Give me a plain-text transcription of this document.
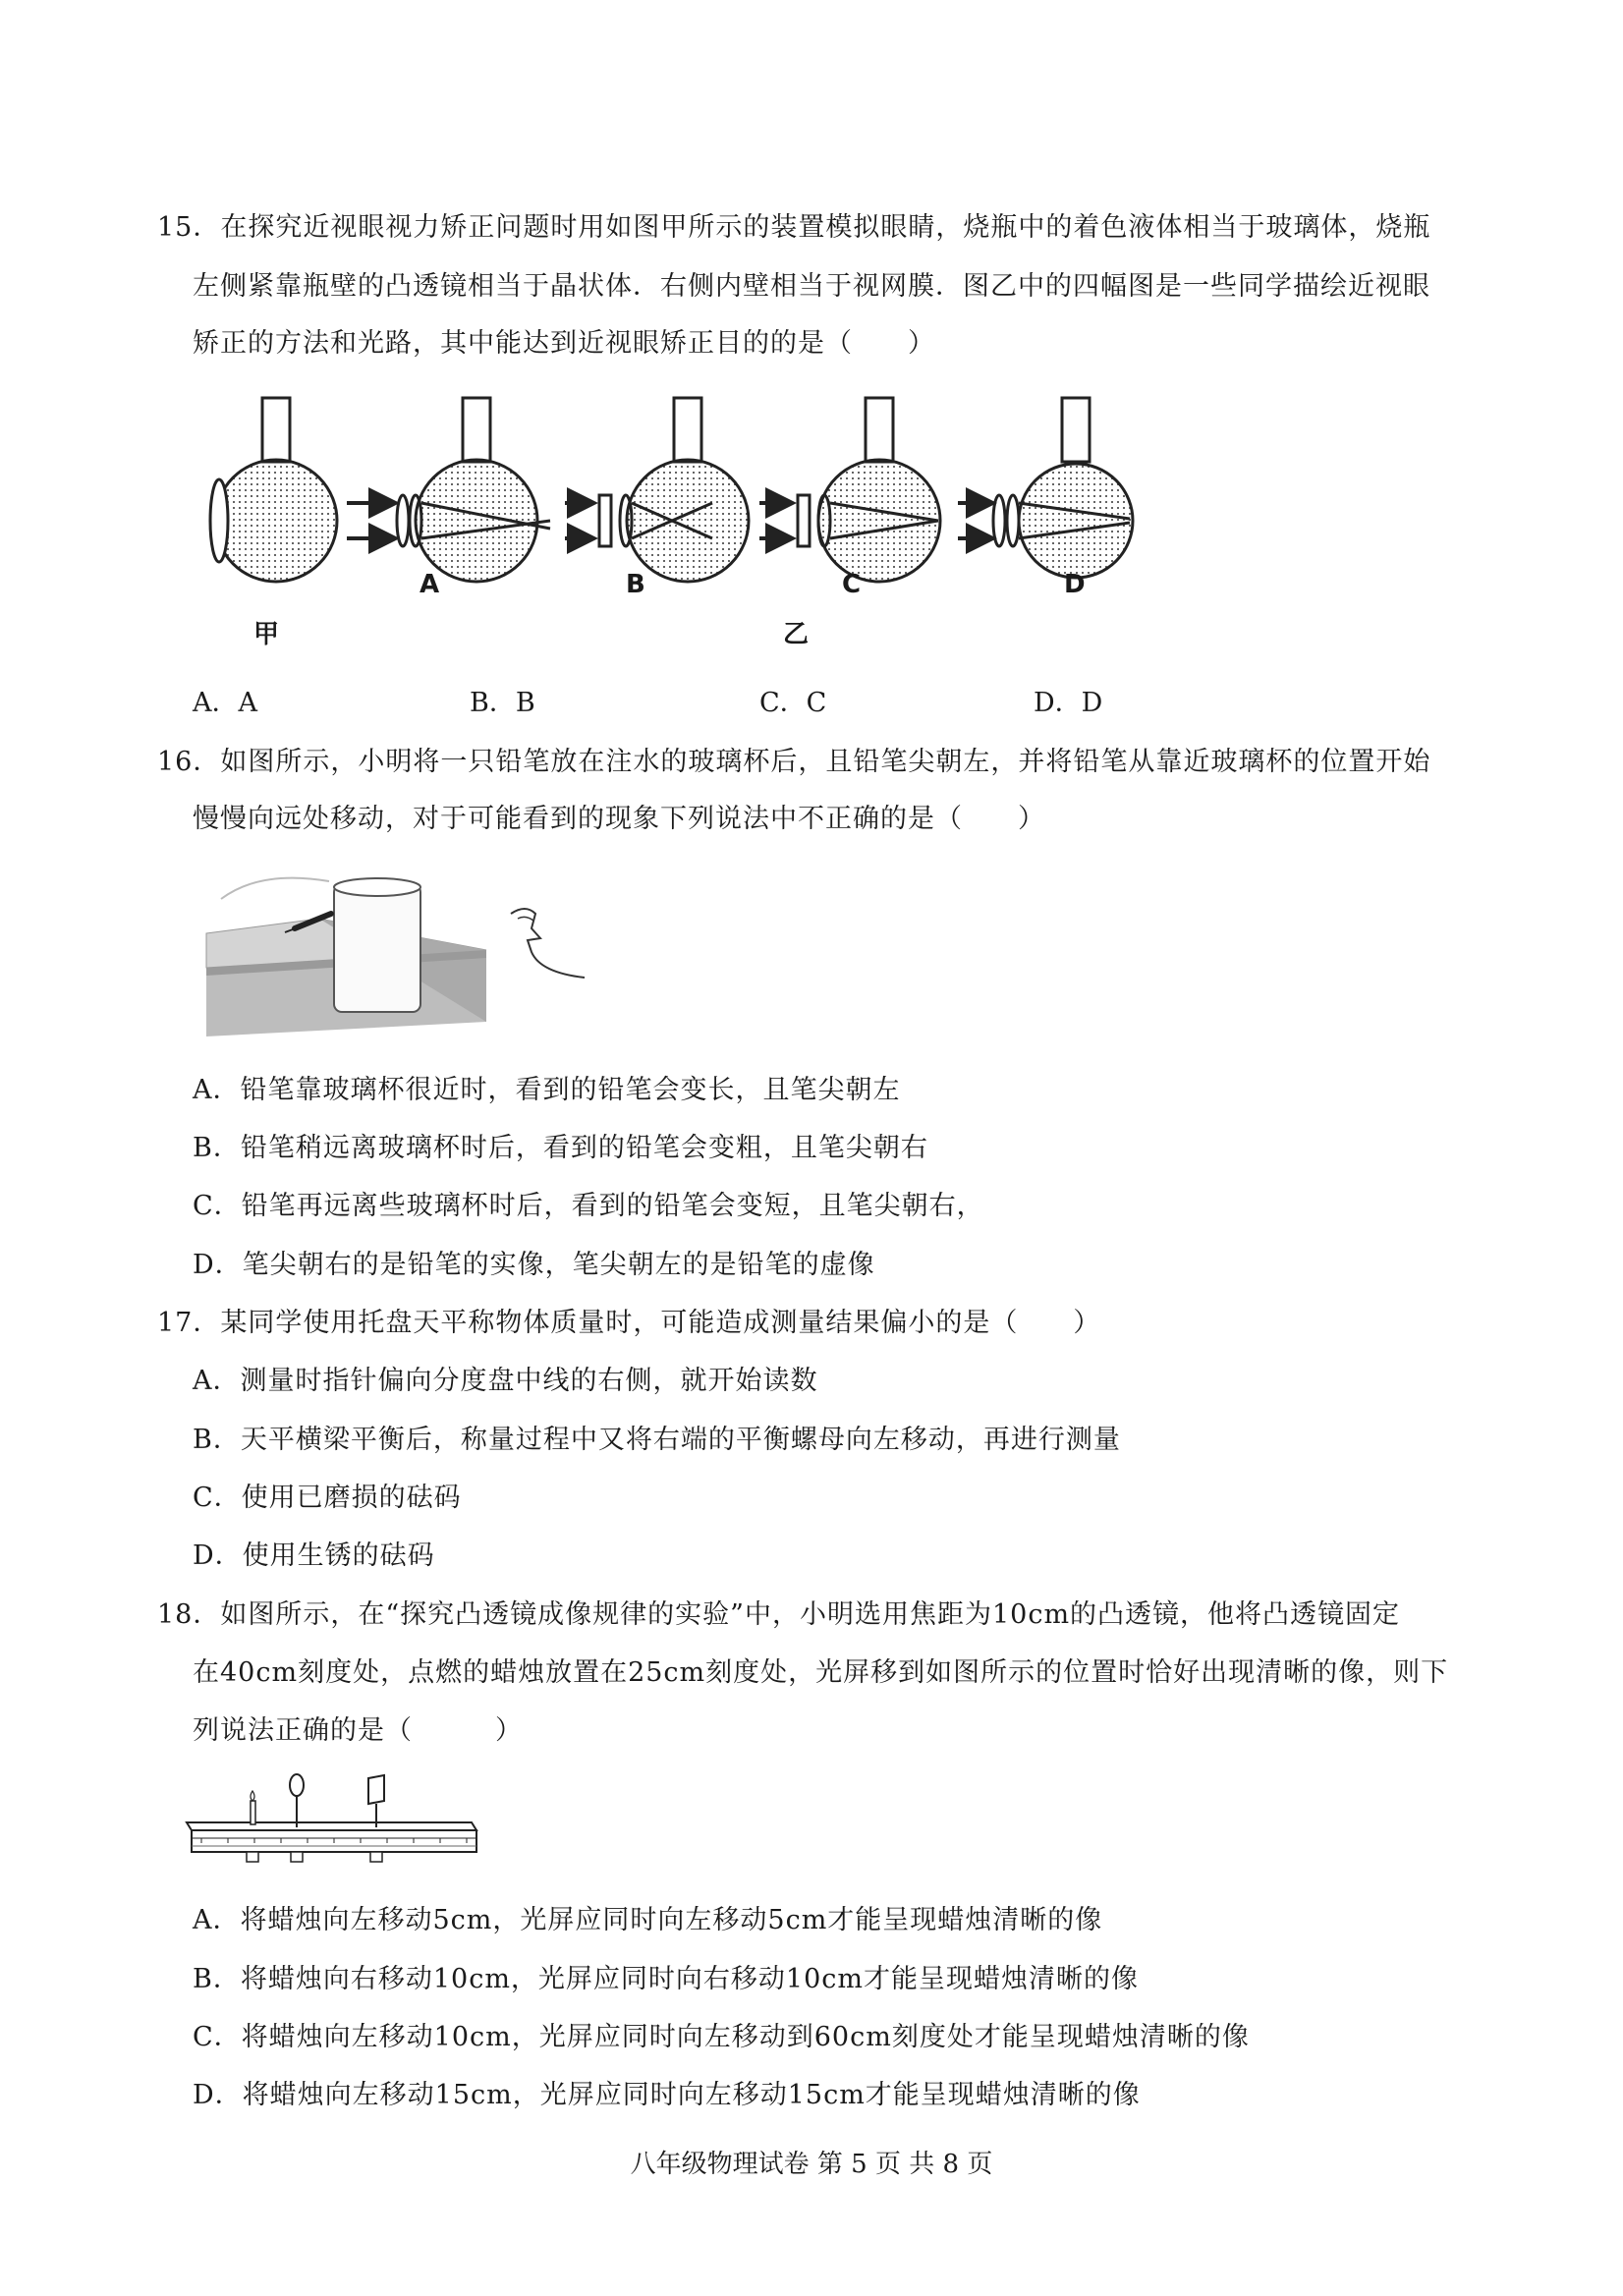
15．在探究近视眼视力矫正问题时用如图甲所示的装置模拟眼睛，烧瓶中的着色液体相当于玻璃体，烧瓶
左侧紧靠瓶壁的凸透镜相当于晶状体．右侧内壁相当于视网膜．图乙中的四幅图是一些同学描绘近视眼
矫正的方法和光路，其中能达到近视眼矫正目的的是（　　）
甲
A	B
乙
C	D
A．A	B．B	C．C	D．D
16．如图所示，小明将一只铅笔放在注水的玻璃杯后，且铅笔尖朝左，并将铅笔从靠近玻璃杯的位置开始
慢慢向远处移动，对于可能看到的现象下列说法中不正确的是（　　）
A．铅笔靠玻璃杯很近时，看到的铅笔会变长，且笔尖朝左
B．铅笔稍远离玻璃杯时后，看到的铅笔会变粗，且笔尖朝右
C．铅笔再远离些玻璃杯时后，看到的铅笔会变短，且笔尖朝右，
D．笔尖朝右的是铅笔的实像，笔尖朝左的是铅笔的虚像
17．某同学使用托盘天平称物体质量时，可能造成测量结果偏小的是（　　）
A．测量时指针偏向分度盘中线的右侧，就开始读数
B．天平横梁平衡后，称量过程中又将右端的平衡螺母向左移动，再进行测量
C．使用已磨损的砝码
D．使用生锈的砝码
18．如图所示，在“探究凸透镜成像规律的实验”中，小明选用焦距为10cm的凸透镜，他将凸透镜固定
在40cm刻度处，点燃的蜡烛放置在25cm刻度处，光屏移到如图所示的位置时恰好出现清晰的像，则下
列说法正确的是（　　　）
A．将蜡烛向左移动5cm，光屏应同时向左移动5cm才能呈现蜡烛清晰的像
B．将蜡烛向右移动10cm，光屏应同时向右移动10cm才能呈现蜡烛清晰的像
C．将蜡烛向左移动10cm，光屏应同时向左移动到60cm刻度处才能呈现蜡烛清晰的像
D．将蜡烛向左移动15cm，光屏应同时向左移动15cm才能呈现蜡烛清晰的像
八年级物理试卷 第 5 页 共 8 页
